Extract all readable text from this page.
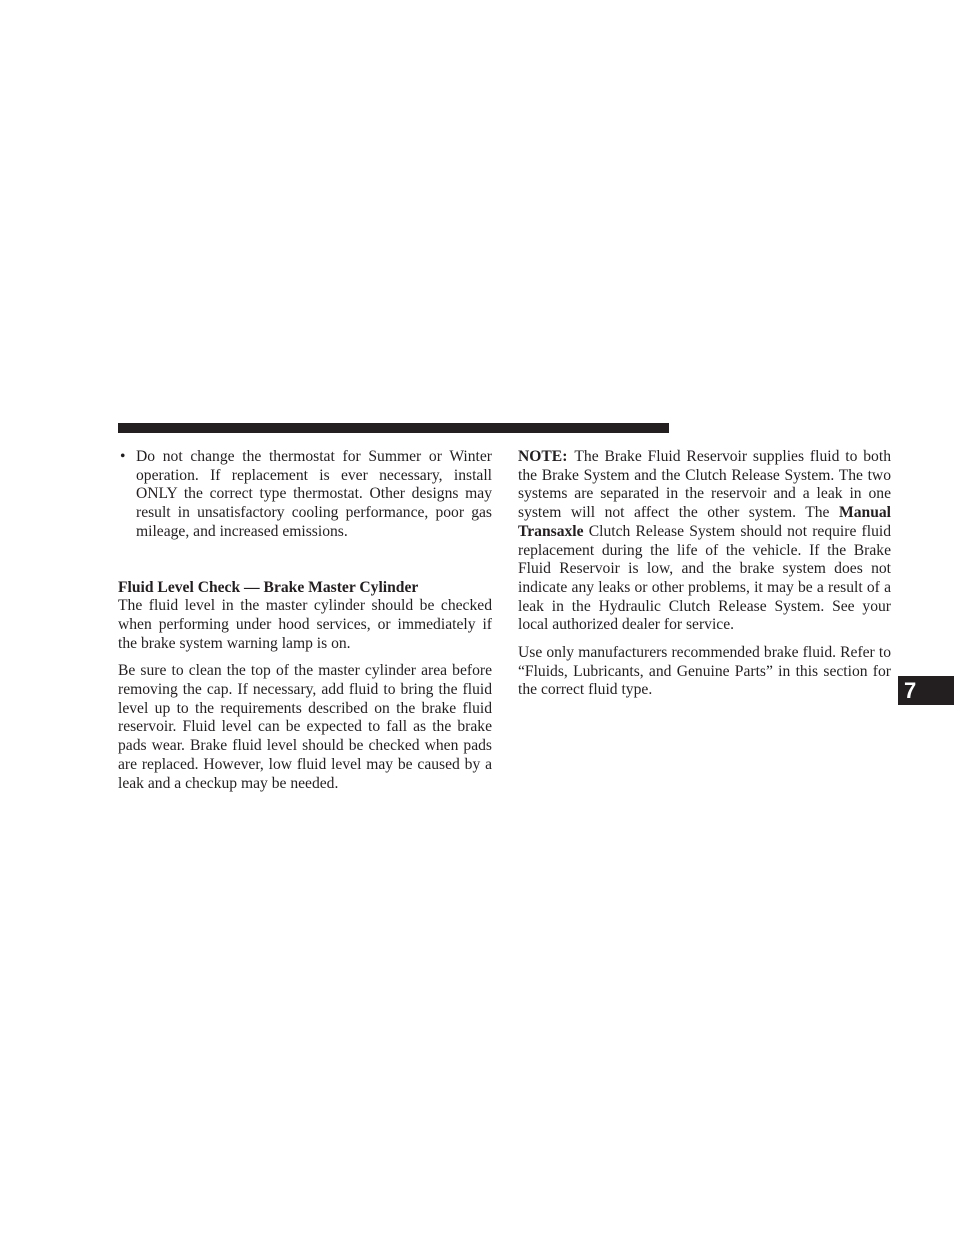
• Do not change the thermostat for Summer or Winter operation. If replacement is ever necessary, install ONLY the correct type thermostat. Other designs may result in unsatisfactory cooling performance, poor gas mileage, and increased emissions.
Fluid Level Check — Brake Master Cylinder

The fluid level in the master cylinder should be checked when performing under hood services, or immediately if the brake system warning lamp is on.

Be sure to clean the top of the master cylinder area before removing the cap. If necessary, add fluid to bring the fluid level up to the requirements described on the brake fluid reservoir. Fluid level can be expected to fall as the brake pads wear. Brake fluid level should be checked when pads are replaced. However, low fluid level may be caused by a leak and a checkup may be needed.

NOTE: The Brake Fluid Reservoir supplies fluid to both the Brake System and the Clutch Release System. The two systems are separated in the reservoir and a leak in one system will not affect the other system. The Manual Transaxle Clutch Release System should not require fluid replacement during the life of the vehicle. If the Brake Fluid Reservoir is low, and the brake system does not indicate any leaks or other problems, it may be a result of a leak in the Hydraulic Clutch Release System. See your local authorized dealer for service.

Use only manufacturers recommended brake fluid. Refer to “Fluids, Lubricants, and Genuine Parts” in this section for the correct fluid type.	7
